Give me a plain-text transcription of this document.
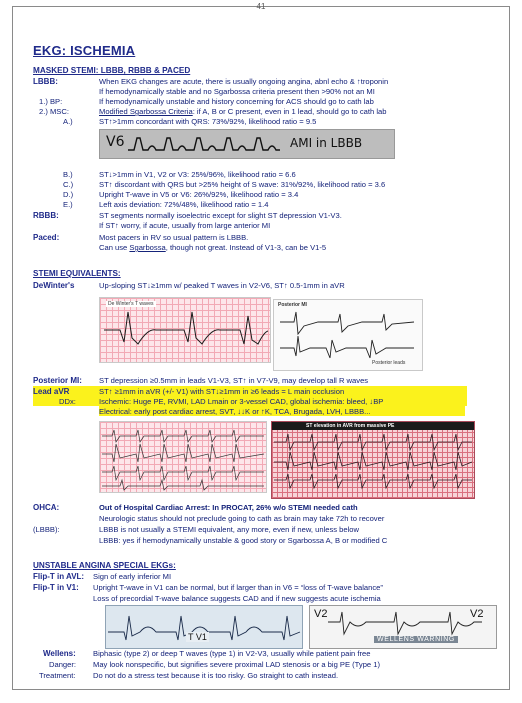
41
EKG: ISCHEMIA
MASKED STEMI: LBBB, RBBB & PACED
LBBB:	When EKG changes are acute, there is usually ongoing angina, abnl echo & ↑troponin
If hemodynamically stable and no Sgarbossa criteria present then >90% not an MI
1.) BP:	If hemodynamically unstable and history concerning for ACS should go to cath lab
2.) MSC:	Modified Sgarbossa Criteria: if A, B or C present, even in 1 lead, should go to cath lab
A.)	ST↑>1mm concordant with QRS: 73%/92%, likelihood ratio = 9.5
V6	AMI in LBBB
B.)	ST↓>1mm in V1, V2 or V3: 25%/96%, likelihood ratio = 6.6
C.)	ST↑ discordant with QRS but >25% height of S wave: 31%/92%, likelihood ratio = 3.6
D.)	Upright T-wave in V5 or V6: 26%/92%, likelihood ratio = 3.4
E.)	Left axis deviation: 72%/48%, likelihood ratio = 1.4
RBBB:	ST segments normally isoelectric except for slight ST depression V1-V3.
If ST↑ worry, if acute, usually from large anterior MI
Paced:	Most pacers in RV so usual pattern is LBBB.
Can use Sgarbossa, though not great. Instead of V1-3, can be V1-5
STEMI EQUIVALENTS:
DeWinter's	Up-sloping ST↓≥1mm w/ peaked T waves in V2-V6, ST↑ 0.5-1mm in aVR
De Winter's T waves	Posterior MI
Posterior leads
Posterior MI: ST depression ≥0.5mm in leads V1-V3, ST↑ in V7-V9, may develop tall R waves
Lead aVR	ST↑ ≥1mm in aVR (+/- V1) with ST↓≥1mm in ≥6 leads = L main occlusion
DDx:	Ischemic: Huge PE, RVMI, LAD Lmain or 3-vessel CAD, global ischemia: bleed, ↓BP
Electrical: early post cardiac arrest, SVT, ↓↓K or ↑K, TCA, Brugada, LVH, LBBB...
ST elevation in AVR from massive PE
OHCA:	Out of Hospital Cardiac Arrest: In PROCAT, 26% w/o STEMI needed cath
Neurologic status should not preclude going to cath as brain may take 72h to recover
(LBBB):	LBBB is not usually a STEMI equivalent, any more, even if new, unless below
LBBB: yes if hemodynamically unstable & good story or Sgarbossa A, B or modified C
UNSTABLE ANGINA SPECIAL EKGs:
Flip-T in AVL: Sign of early inferior MI
Flip-T in V1: Upright T-wave in V1 can be normal, but if larger than in V6 = “loss of T-wave balance”
Loss of precordial T-wave balance suggests CAD and if new suggests acute ischemia
T V1
V2	V2
WELLENS WARNING
Wellens: Biphasic (type 2) or deep T waves (type 1) in V2-V3, usually while patient pain free
Danger: May look nonspecific, but signifies severe proximal LAD stenosis or a big PE (Type 1)
Treatment: Do not do a stress test because it is too risky. Go straight to cath instead.
